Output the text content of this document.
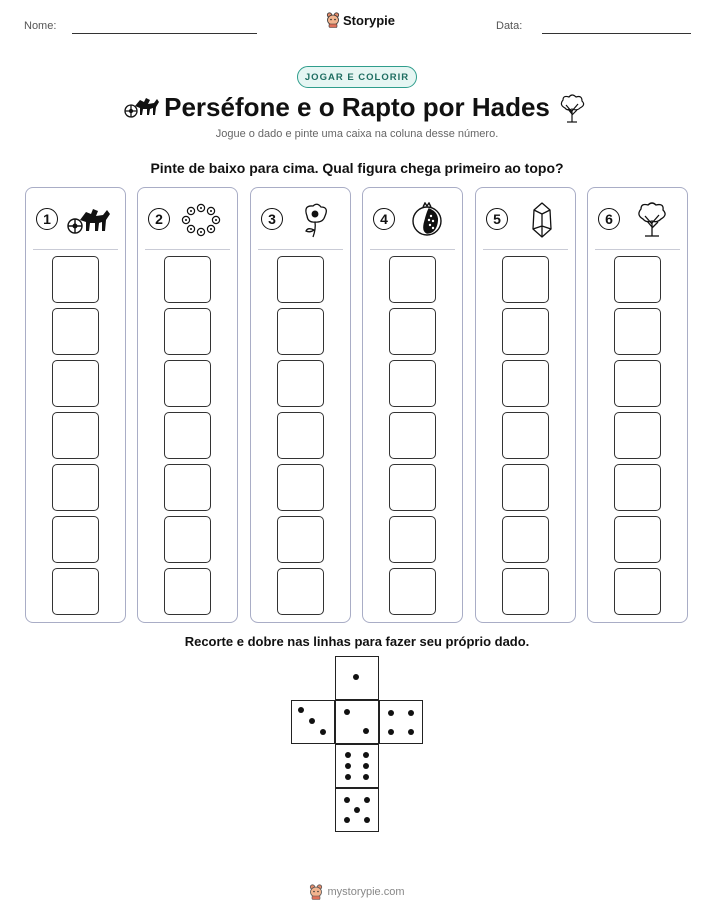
Nome:	Storypie	Data:
JOGAR E COLORIR
Perséfone e o Rapto por Hades
Jogue o dado e pinte uma caixa na coluna desse número.
Pinte de baixo para cima. Qual figura chega primeiro ao topo?
1	2	3	4	5	6
Recorte e dobre nas linhas para fazer seu próprio dado.
mystorypie.com
